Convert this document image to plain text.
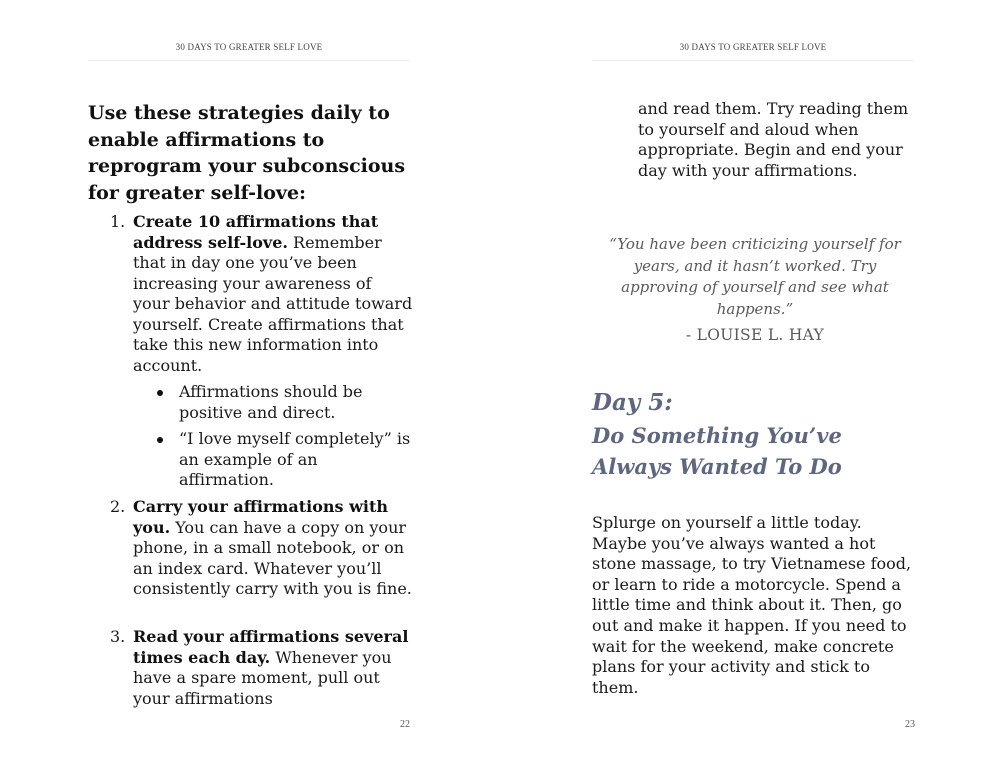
30 DAYS TO GREATER SELF LOVE
Use these strategies daily to enable affirmations to reprogram your subconscious for greater self-love:
1. Create 10 affirmations that address self-love. Remember that in day one you’ve been increasing your awareness of your behavior and attitude toward yourself. Create affirmations that take this new information into account.

Affirmations should be positive and direct.
“I love myself completely” is an example of an affirmation.
2. Carry your affirmations with you. You can have a copy on your phone, in a small notebook, or on an index card. Whatever you’ll consistently carry with you is fine.

3. Read your affirmations several times each day. Whenever you have a spare moment, pull out your affirmations

22
30 DAYS TO GREATER SELF LOVE

and read them. Try reading them to yourself and aloud when appropriate. Begin and end your day with your affirmations.

“You have been criticizing yourself for years, and it hasn’t worked. Try approving of yourself and see what happens.”
- LOUISE L. HAY
Day 5:
Do Something You’ve Always Wanted To Do

Splurge on yourself a little today. Maybe you’ve always wanted a hot stone massage, to try Vietnamese food, or learn to ride a motorcycle. Spend a little time and think about it. Then, go out and make it happen. If you need to wait for the weekend, make concrete plans for your activity and stick to them.

23
